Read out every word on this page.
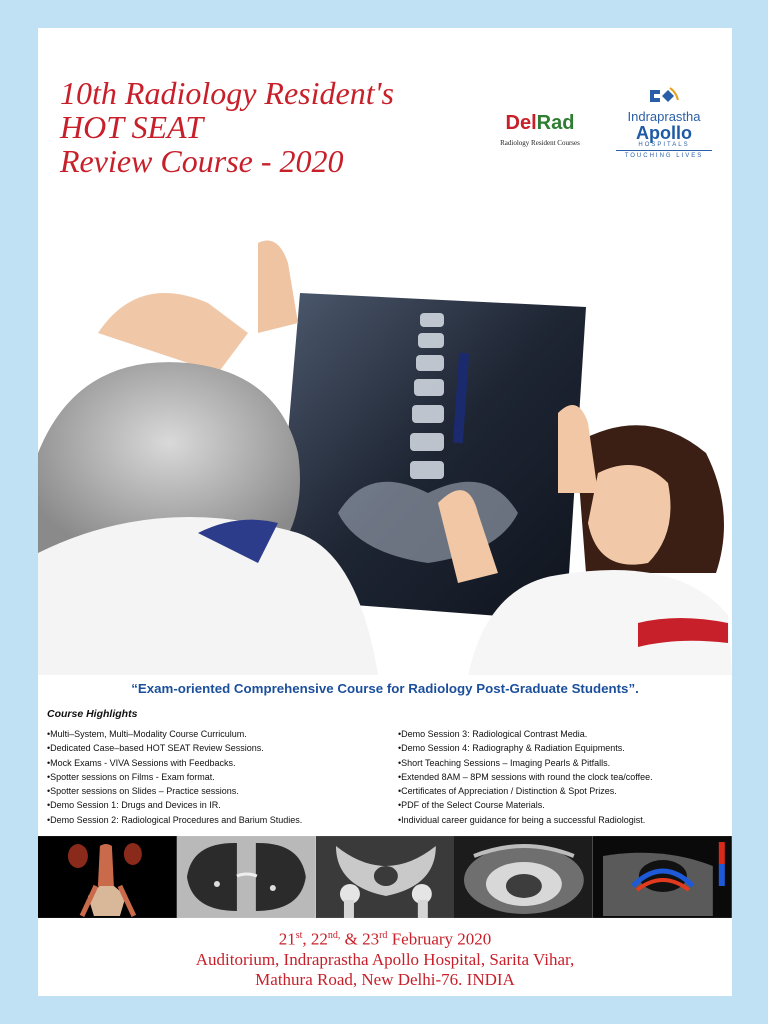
10th Radiology Resident's
HOT SEAT
Review Course - 2020
DelRad
Radiology Resident Courses
Indraprastha
Apollo
HOSPITALS
TOUCHING LIVES
“Exam-oriented Comprehensive Course for Radiology Post-Graduate Students”.
Course Highlights
• Multi–System, Multi–Modality Course Curriculum.
• Dedicated Case–based HOT SEAT Review Sessions.
• Mock Exams - VIVA Sessions with Feedbacks.
• Spotter sessions on Films - Exam format.
• Spotter sessions on Slides – Practice sessions.
• Demo Session 1: Drugs and Devices in IR.
• Demo Session 2: Radiological Procedures and Barium Studies.
• Demo Session 3: Radiological Contrast Media.
• Demo Session 4: Radiography & Radiation Equipments.
• Short Teaching Sessions – Imaging Pearls & Pitfalls.
• Extended 8AM – 8PM sessions with round the clock tea/coffee.
• Certificates of Appreciation / Distinction & Spot Prizes.
• PDF of the Select Course Materials.
• Individual career guidance for being a successful Radiologist.
21st, $22^{nd,}$ & 23rd February 2020
Auditorium, Indraprastha Apollo Hospital, Sarita Vihar,
Mathura Road, New Delhi-76. INDIA
